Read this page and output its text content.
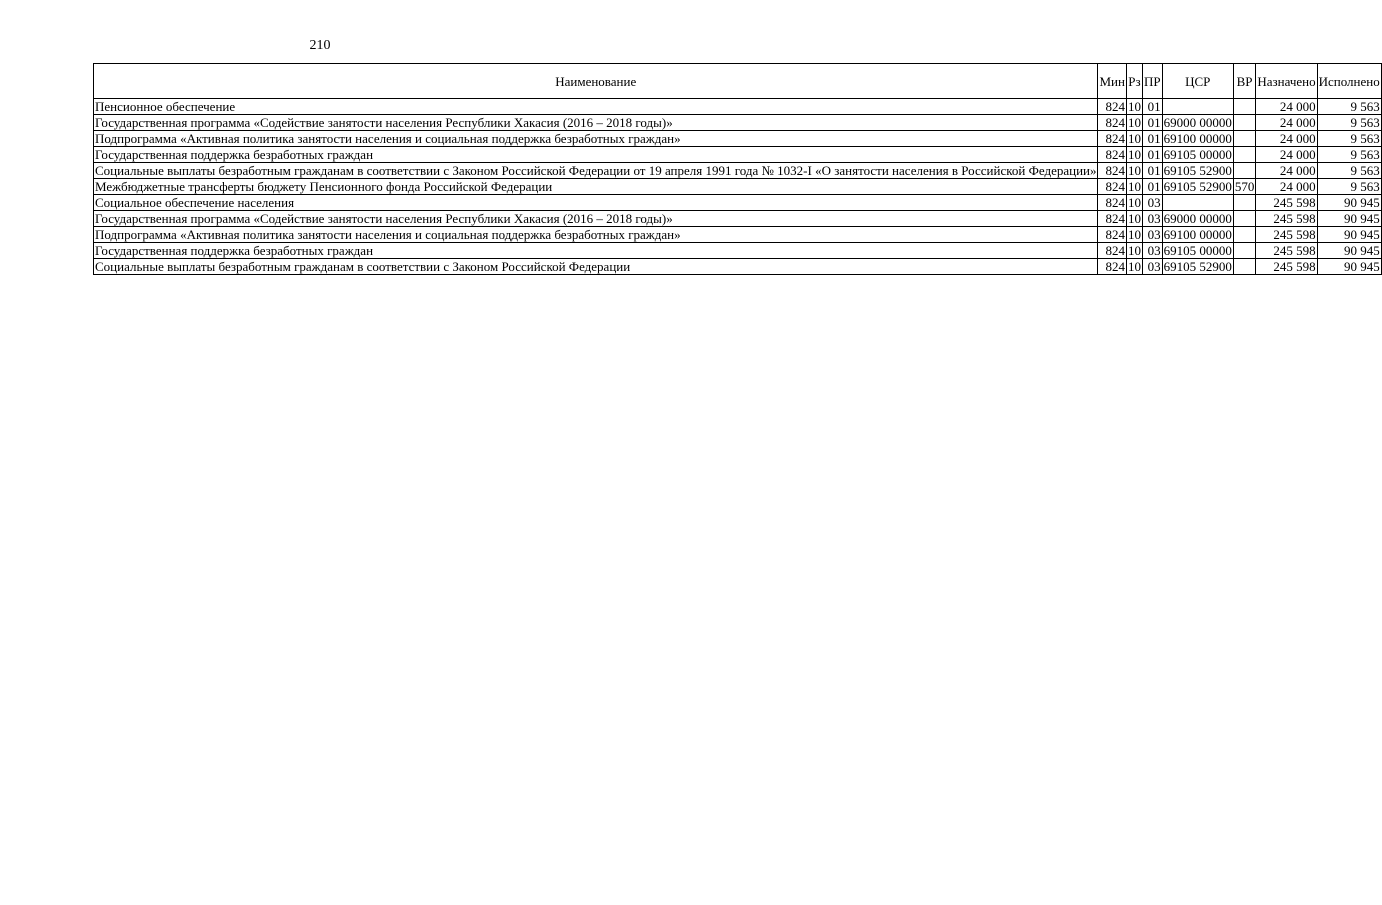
210
Наименование	Мин	Рз	ПР	ЦСР	ВР	Назначено	Исполнено
Пенсионное обеспечение	824	10	01			24 000	9 563
Государственная программа «Содействие занятости населения Республики Хакасия (2016 – 2018 годы)»	824	10	01	69000 00000		24 000	9 563
Подпрограмма «Активная политика занятости населения и социальная поддержка безработных граждан»	824	10	01	69100 00000		24 000	9 563
Государственная поддержка безработных граждан	824	10	01	69105 00000		24 000	9 563
Социальные выплаты безработным гражданам в соответствии с Законом Российской Федерации от 19 апреля 1991 года № 1032-I «О занятости населения в Российской Федерации»	824	10	01	69105 52900		24 000	9 563
Межбюджетные трансферты бюджету Пенсионного фонда Российской Федерации	824	10	01	69105 52900	570	24 000	9 563
Социальное обеспечение населения	824	10	03			245 598	90 945
Государственная программа «Содействие занятости населения Республики Хакасия (2016 – 2018 годы)»	824	10	03	69000 00000		245 598	90 945
Подпрограмма «Активная политика занятости населения и социальная поддержка безработных граждан»	824	10	03	69100 00000		245 598	90 945
Государственная поддержка безработных граждан	824	10	03	69105 00000		245 598	90 945
Социальные выплаты безработным гражданам в соответствии с Законом Российской Федерации	824	10	03	69105 52900		245 598	90 945
